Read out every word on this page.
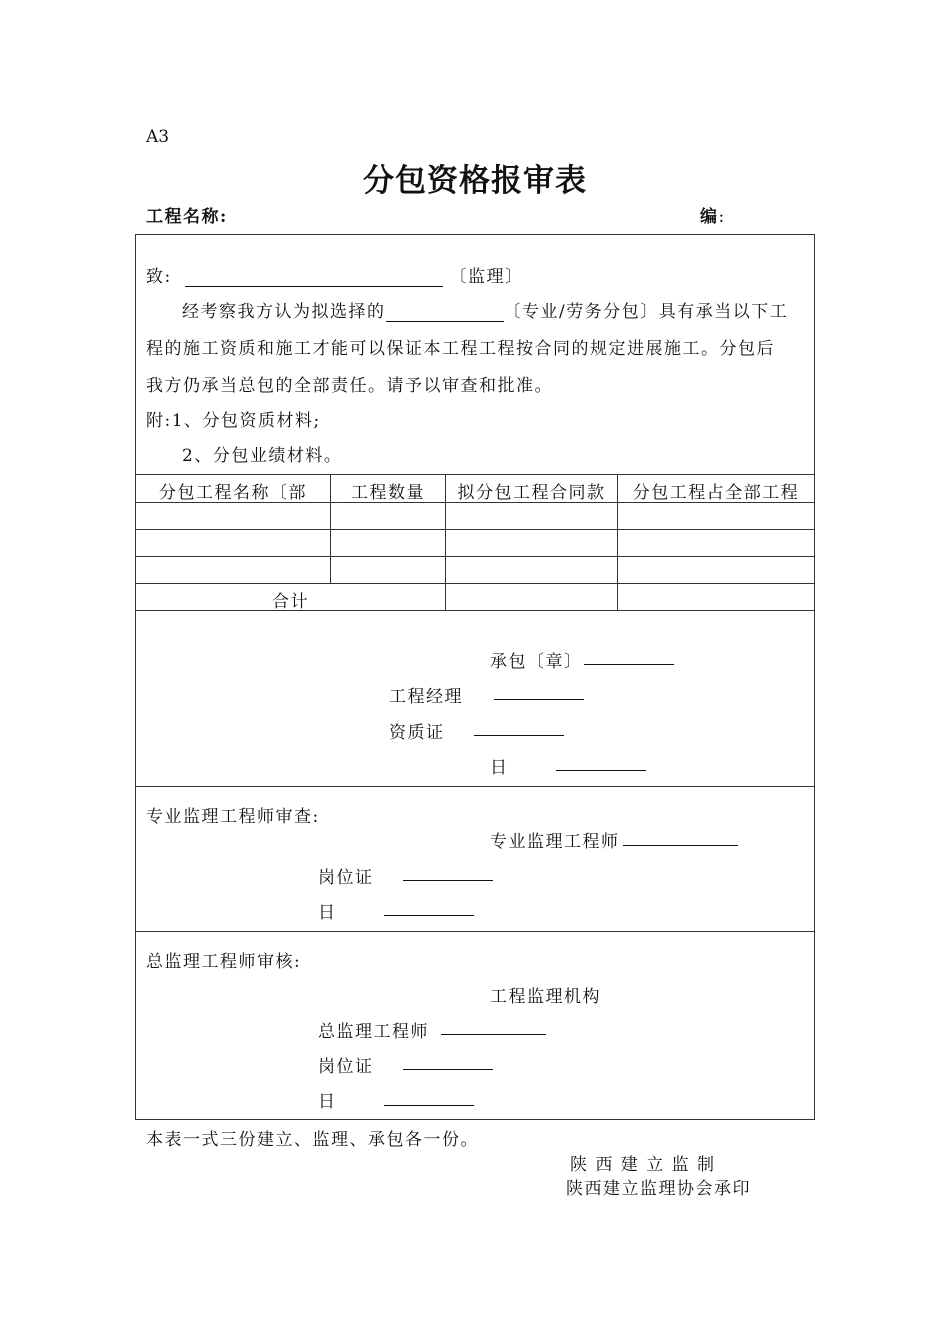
A3
分包资格报审表
工程名称:	编:
致:	〔监理〕
经考察我方认为拟选择的	〔专业/劳务分包〕具有承当以下工
程的施工资质和施工才能可以保证本工程工程按合同的规定进展施工。分包后
我方仍承当总包的全部责任。请予以审查和批准。
附:1、分包资质材料;
2、分包业绩材料。
分包工程名称〔部	工程数量	拟分包工程合同款	分包工程占全部工程
合计
承包〔章〕
工程经理
资质证
日
专业监理工程师审查:
专业监理工程师
岗位证
日
总监理工程师审核:
工程监理机构
总监理工程师
岗位证
日
本表一式三份建立、监理、承包各一份。
陕 西 建 立 监 制
陕西建立监理协会承印
